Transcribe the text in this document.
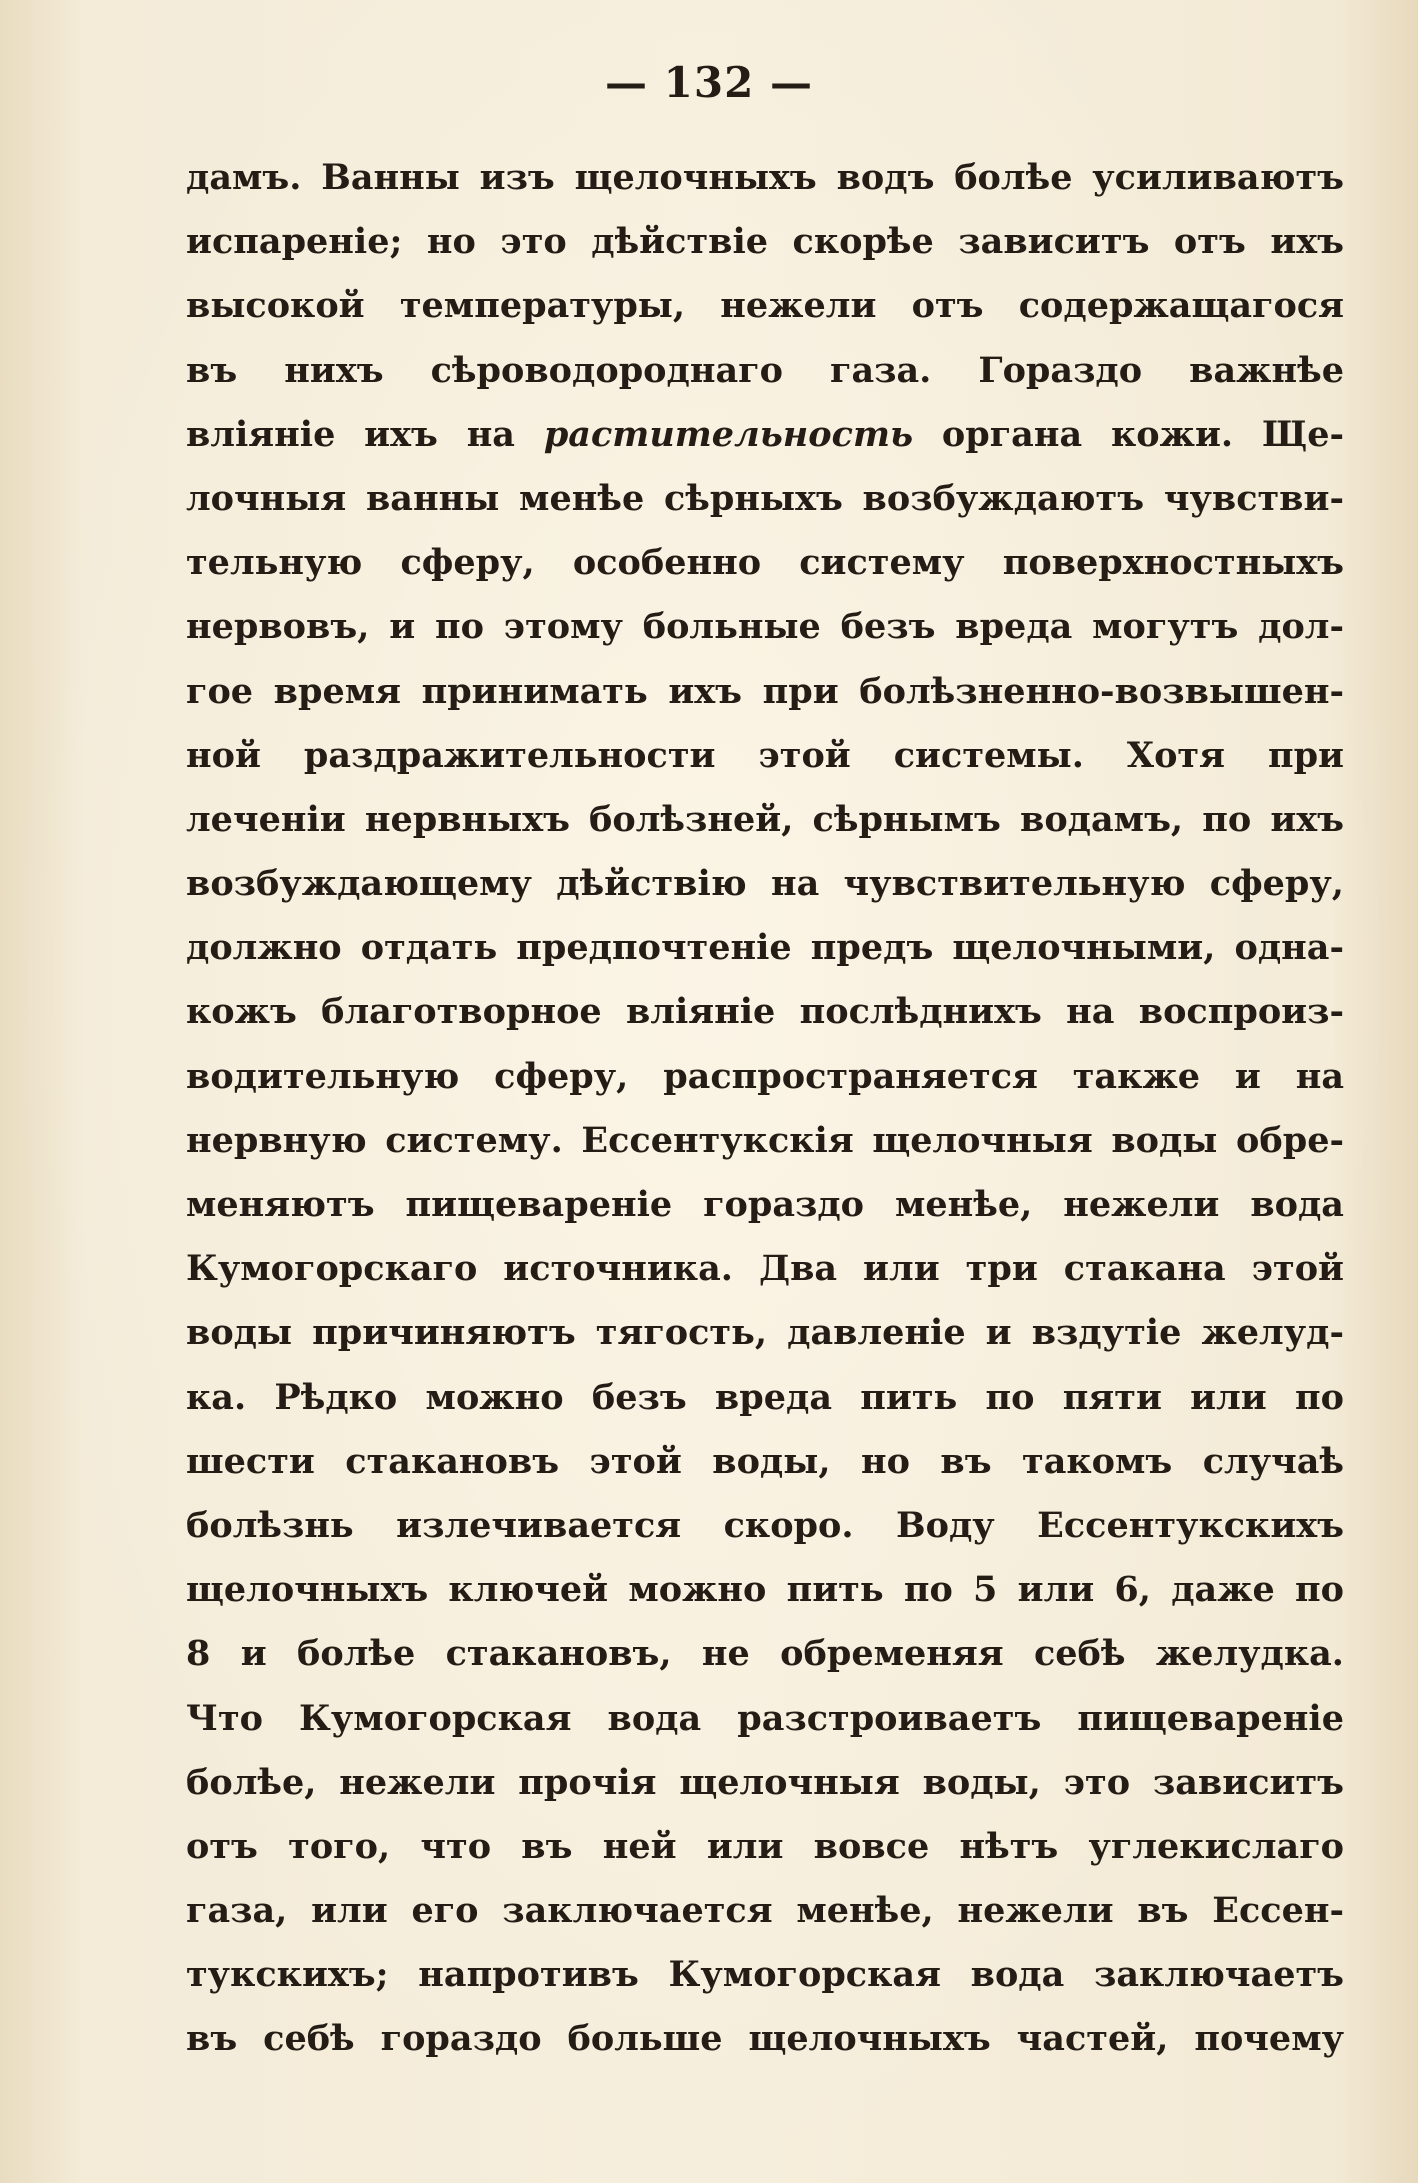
— 132 —
дамъ. Ванны изъ щелочныхъ водъ болѣе усиливаютъ
испареніе; но это дѣйствіе скорѣе зависитъ отъ ихъ
высокой температуры, нежели отъ содержащагося
въ нихъ сѣроводороднаго газа. Гораздо важнѣе
вліяніе ихъ на растительность органа кожи. Ще-
лочныя ванны менѣе сѣрныхъ возбуждаютъ чувстви-
тельную сферу, особенно систему поверхностныхъ
нервовъ, и по этому больные безъ вреда могутъ дол-
гое время принимать ихъ при болѣзненно-возвышен-
ной раздражительности этой системы. Хотя при
леченіи нервныхъ болѣзней, сѣрнымъ водамъ, по ихъ
возбуждающему дѣйствію на чувствительную сферу,
должно отдать предпочтеніе предъ щелочными, одна-
кожъ благотворное вліяніе послѣднихъ на воспроиз-
водительную сферу, распространяется также и на
нервную систему. Ессентукскія щелочныя воды обре-
меняютъ пищевареніе гораздо менѣе, нежели вода
Кумогорскаго источника. Два или три стакана этой
воды причиняютъ тягость, давленіе и вздутіе желуд-
ка. Рѣдко можно безъ вреда пить по пяти или по
шести стакановъ этой воды, но въ такомъ случаѣ
болѣзнь излечивается скоро. Воду Ессентукскихъ
щелочныхъ ключей можно пить по 5 или 6, даже по
8 и болѣе стакановъ, не обременяя себѣ желудка.
Что Кумогорская вода разстроиваетъ пищевареніе
болѣе, нежели прочія щелочныя воды, это зависитъ
отъ того, что въ ней или вовсе нѣтъ углекислаго
газа, или его заключается менѣе, нежели въ Ессен-
тукскихъ; напротивъ Кумогорская вода заключаетъ
въ себѣ гораздо больше щелочныхъ частей, почему
